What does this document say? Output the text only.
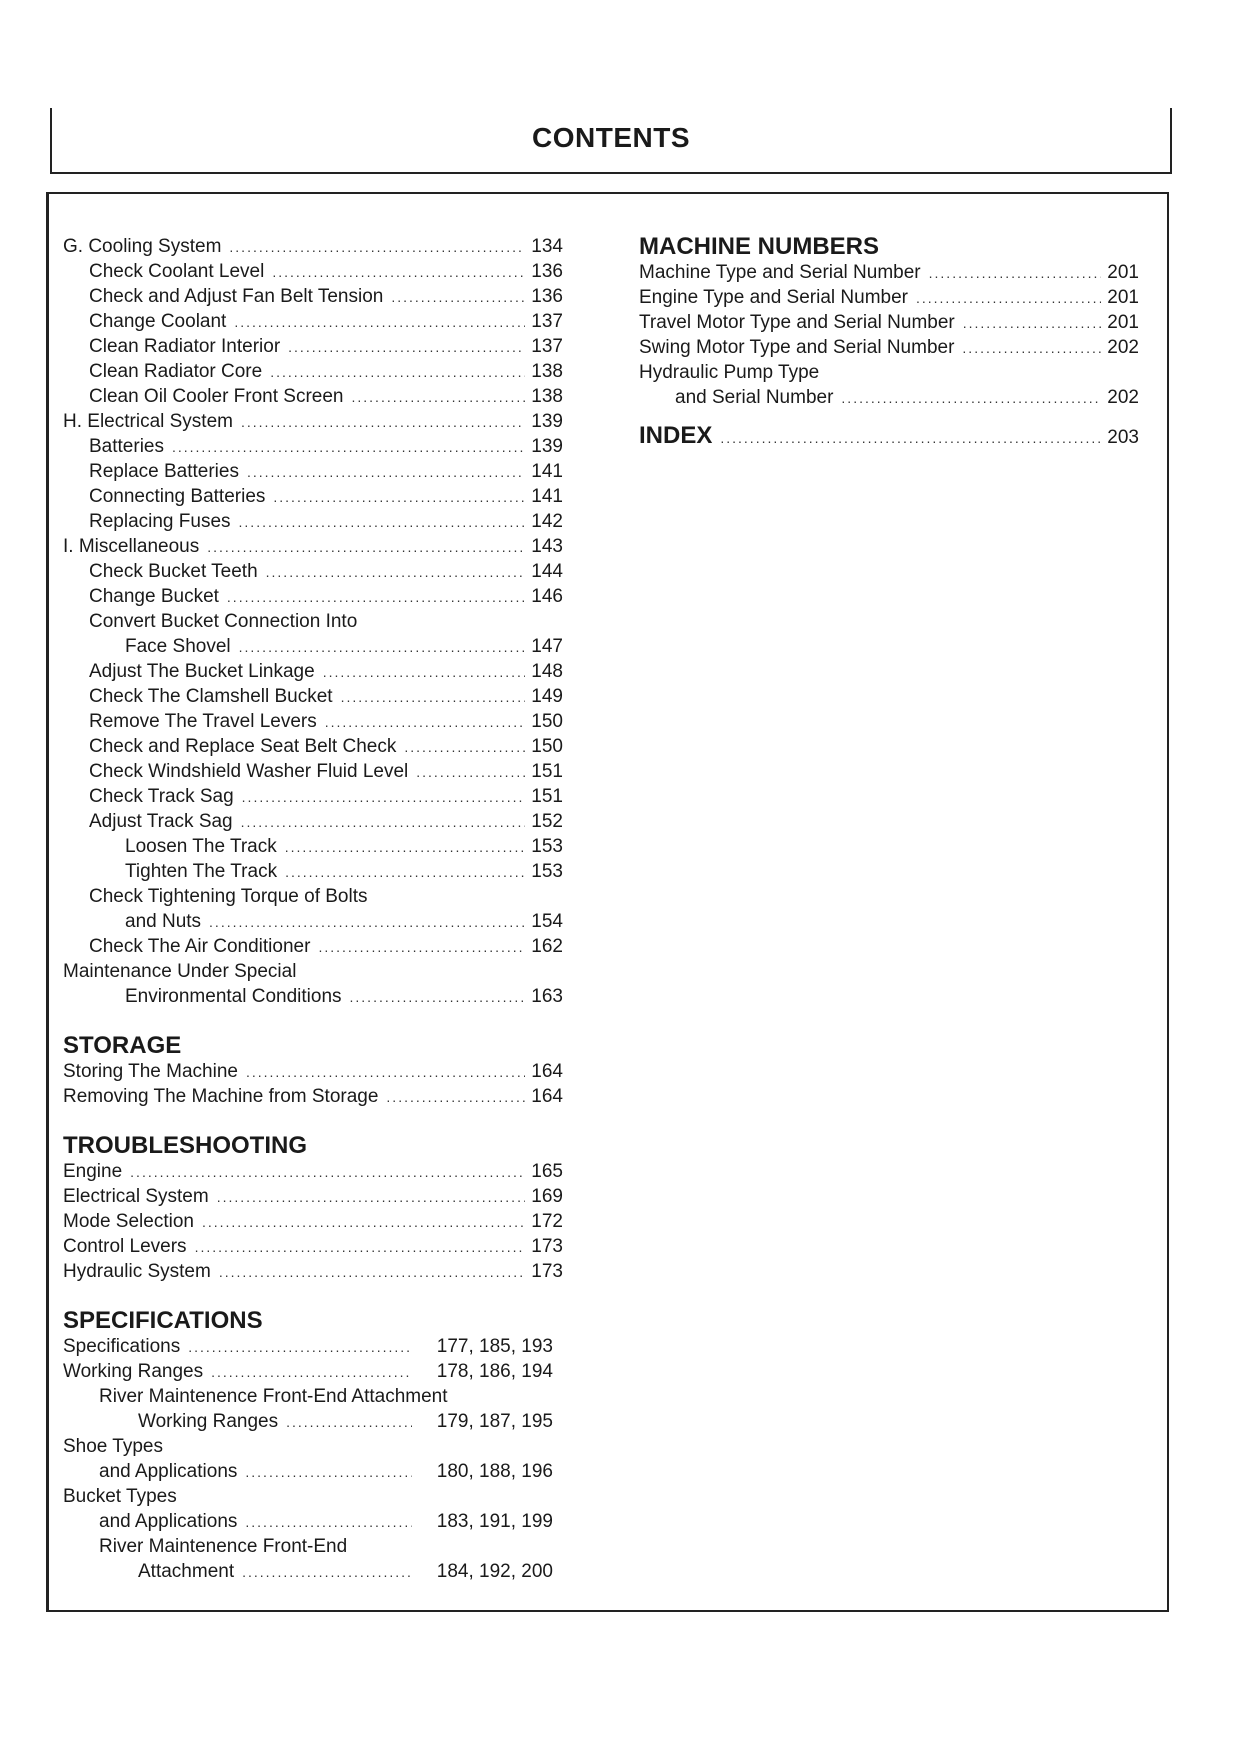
CONTENTS
G. Cooling System .....	134
Check Coolant Level .....	136
Check and Adjust Fan Belt Tension .....	136
Change Coolant .....	137
Clean Radiator Interior .....	137
Clean Radiator Core .....	138
Clean Oil Cooler Front Screen .....	138
H. Electrical System .....	139
Batteries .....	139
Replace Batteries .....	141
Connecting Batteries .....	141
Replacing Fuses .....	142
I. Miscellaneous .....	143
Check Bucket Teeth .....	144
Change Bucket .....	146
Convert Bucket Connection Into
Face Shovel .....	147
Adjust The Bucket Linkage .....	148
Check The Clamshell Bucket .....	149
Remove The Travel Levers .....	150
Check and Replace Seat Belt Check .....	150
Check Windshield Washer Fluid Level .....	151
Check Track Sag .....	151
Adjust Track Sag .....	152
Loosen The Track .....	153
Tighten The Track .....	153
Check Tightening Torque of Bolts
and Nuts .....	154
Check The Air Conditioner .....	162
Maintenance Under Special
Environmental Conditions .....	163
STORAGE
Storing The Machine .....	164
Removing The Machine from Storage .....	164
TROUBLESHOOTING
Engine .....	165
Electrical System .....	169
Mode Selection .....	172
Control Levers .....	173
Hydraulic System .....	173
SPECIFICATIONS
Specifications .....	177, 185, 193
Working Ranges .....	178, 186, 194
River Maintenence Front-End Attachment
Working Ranges .....	179, 187, 195
Shoe Types
and Applications .....	180, 188, 196
Bucket Types
and Applications .....	183, 191, 199
River Maintenence Front-End
Attachment .....	184, 192, 200
MACHINE NUMBERS
Machine Type and Serial Number .....	201
Engine Type and Serial Number .....	201
Travel Motor Type and Serial Number .....	201
Swing Motor Type and Serial Number .....	202
Hydraulic Pump Type
and Serial Number .....	202
INDEX .....	203
